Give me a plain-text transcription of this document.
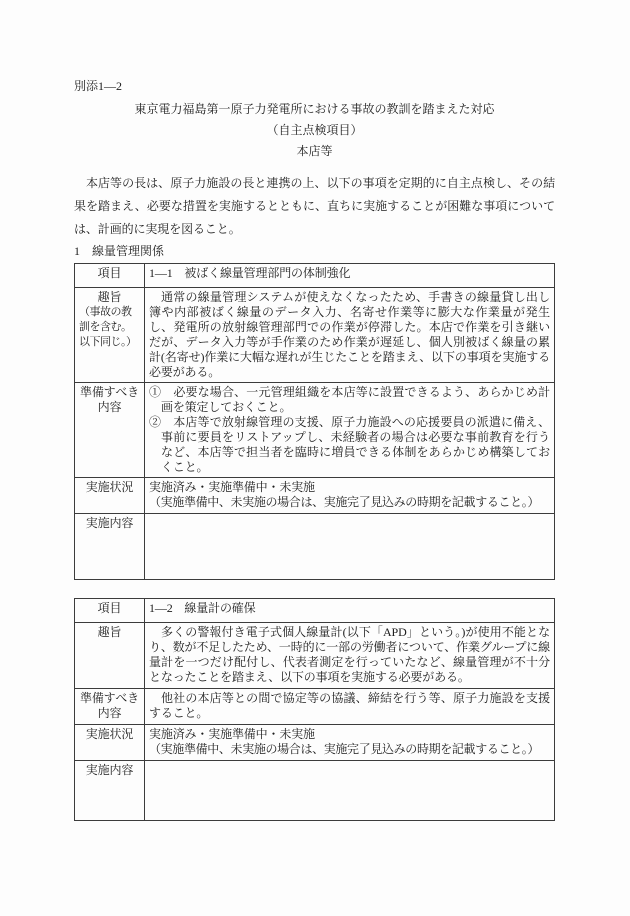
別添1―2
東京電力福島第一原子力発電所における事故の教訓を踏まえた対応
（自主点検項目）
本店等

本店等の長は、原子力施設の長と連携の上、以下の事項を定期的に自主点検し、その結果を踏まえ、必要な措置を実施するとともに、直ちに実施することが困難な事項については、計画的に実現を図ること。

1　線量管理関係
項目	1―1　被ばく線量管理部門の体制強化

趣旨
（事故の教
訓を含む。
以下同じ。）	通常の線量管理システムが使えなくなったため、手書きの線量貸し出し簿や内部被ばく線量のデータ入力、名寄せ作業等に膨大な作業量が発生し、発電所の放射線管理部門での作業が停滞した。本店で作業を引き継いだが、データ入力等が手作業のため作業が遅延し、個人別被ばく線量の累計(名寄せ)作業に大幅な遅れが生じたことを踏まえ、以下の事項を実施する必要がある。

準備すべき内容	①　必要な場合、一元管理組織を本店等に設置できるよう、あらかじめ計画を策定しておくこと。

②　本店等で放射線管理の支援、原子力施設への応援要員の派遣に備え、事前に要員をリストアップし、未経験者の場合は必要な事前教育を行うなど、本店等で担当者を臨時に増員できる体制をあらかじめ構築しておくこと。

実施状況	実施済み・実施準備中・未実施

（実施準備中、未実施の場合は、実施完了見込みの時期を記載すること。）

実施内容	

項目	1―2　線量計の確保
趣旨	多くの警報付き電子式個人線量計(以下「APD」という。)が使用不能となり、数が不足したため、一時的に一部の労働者について、作業グループに線量計を一つだけ配付し、代表者測定を行っていたなど、線量管理が不十分となったことを踏まえ、以下の事項を実施する必要がある。

準備すべき内容	他社の本店等との間で協定等の協議、締結を行う等、原子力施設を支援すること。

実施状況	実施済み・実施準備中・未実施

（実施準備中、未実施の場合は、実施完了見込みの時期を記載すること。）

実施内容	
